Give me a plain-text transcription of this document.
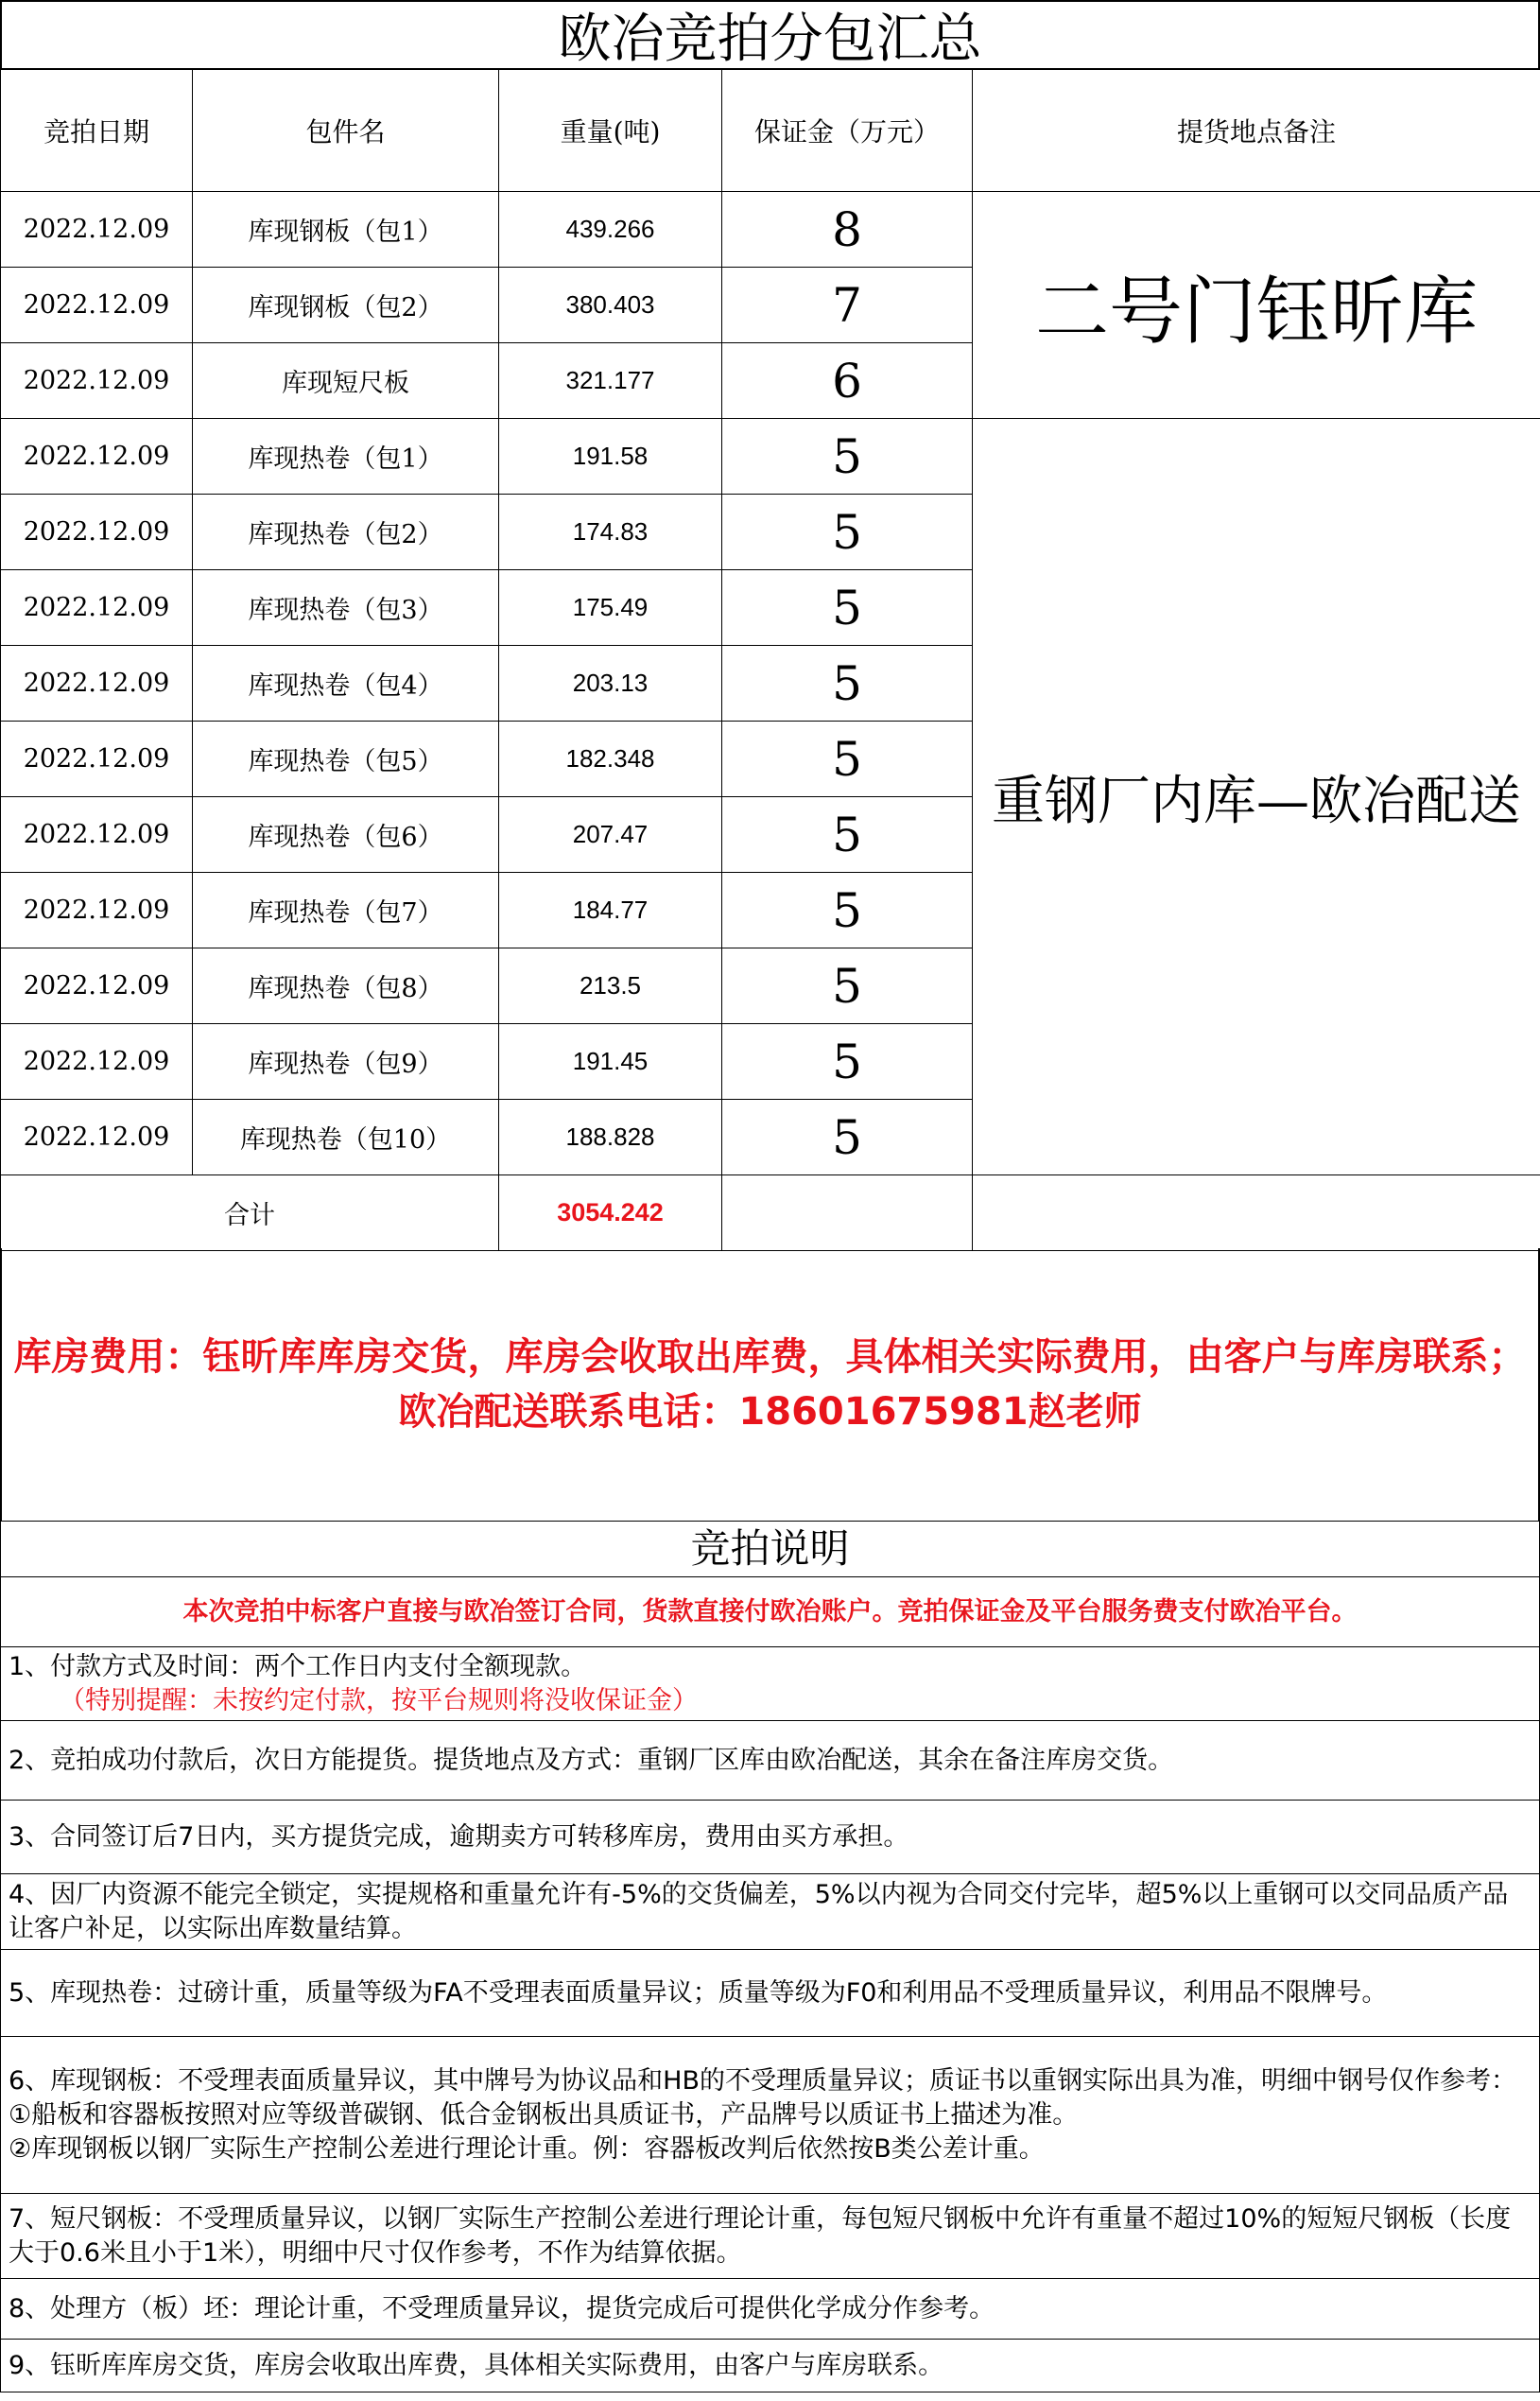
欧冶竞拍分包汇总
竞拍日期	包件名	重量(吨)	保证金（万元）	提货地点备注
2022.12.09	库现钢板（包1）	439.266	8	二号门钰昕库
2022.12.09	库现钢板（包2）	380.403	7	
2022.12.09	库现短尺板	321.177	6	
2022.12.09	库现热卷（包1）	191.58	5	重钢厂内库—欧冶配送
2022.12.09	库现热卷（包2）	174.83	5	
2022.12.09	库现热卷（包3）	175.49	5	
2022.12.09	库现热卷（包4）	203.13	5	
2022.12.09	库现热卷（包5）	182.348	5	
2022.12.09	库现热卷（包6）	207.47	5	
2022.12.09	库现热卷（包7）	184.77	5	
2022.12.09	库现热卷（包8）	213.5	5	
2022.12.09	库现热卷（包9）	191.45	5	
2022.12.09	库现热卷（包10）	188.828	5	
合计		3054.242		
库房费用：钰昕库库房交货，库房会收取出库费，具体相关实际费用，由客户与库房联系；欧冶配送联系电话：18601675981赵老师
竞拍说明
本次竞拍中标客户直接与欧冶签订合同，货款直接付欧冶账户。竞拍保证金及平台服务费支付欧冶平台。
1、付款方式及时间：两个工作日内支付全额现款。
（特别提醒：未按约定付款，按平台规则将没收保证金）
2、竞拍成功付款后，次日方能提货。提货地点及方式：重钢厂区库由欧冶配送，其余在备注库房交货。
3、合同签订后7日内，买方提货完成，逾期卖方可转移库房，费用由买方承担。
4、因厂内资源不能完全锁定，实提规格和重量允许有-5%的交货偏差，5%以内视为合同交付完毕，超5%以上重钢可以交同品质产品让客户补足，以实际出库数量结算。
5、库现热卷：过磅计重，质量等级为FA不受理表面质量异议；质量等级为F0和利用品不受理质量异议，利用品不限牌号。
6、库现钢板：不受理表面质量异议，其中牌号为协议品和HB的不受理质量异议；质证书以重钢实际出具为准，明细中钢号仅作参考：
①船板和容器板按照对应等级普碳钢、低合金钢板出具质证书，产品牌号以质证书上描述为准。
②库现钢板以钢厂实际生产控制公差进行理论计重。例：容器板改判后依然按B类公差计重。
7、短尺钢板：不受理质量异议，以钢厂实际生产控制公差进行理论计重，每包短尺钢板中允许有重量不超过10%的短短尺钢板（长度大于0.6米且小于1米），明细中尺寸仅作参考，不作为结算依据。
8、处理方（板）坯：理论计重，不受理质量异议，提货完成后可提供化学成分作参考。
9、钰昕库库房交货，库房会收取出库费，具体相关实际费用，由客户与库房联系。
